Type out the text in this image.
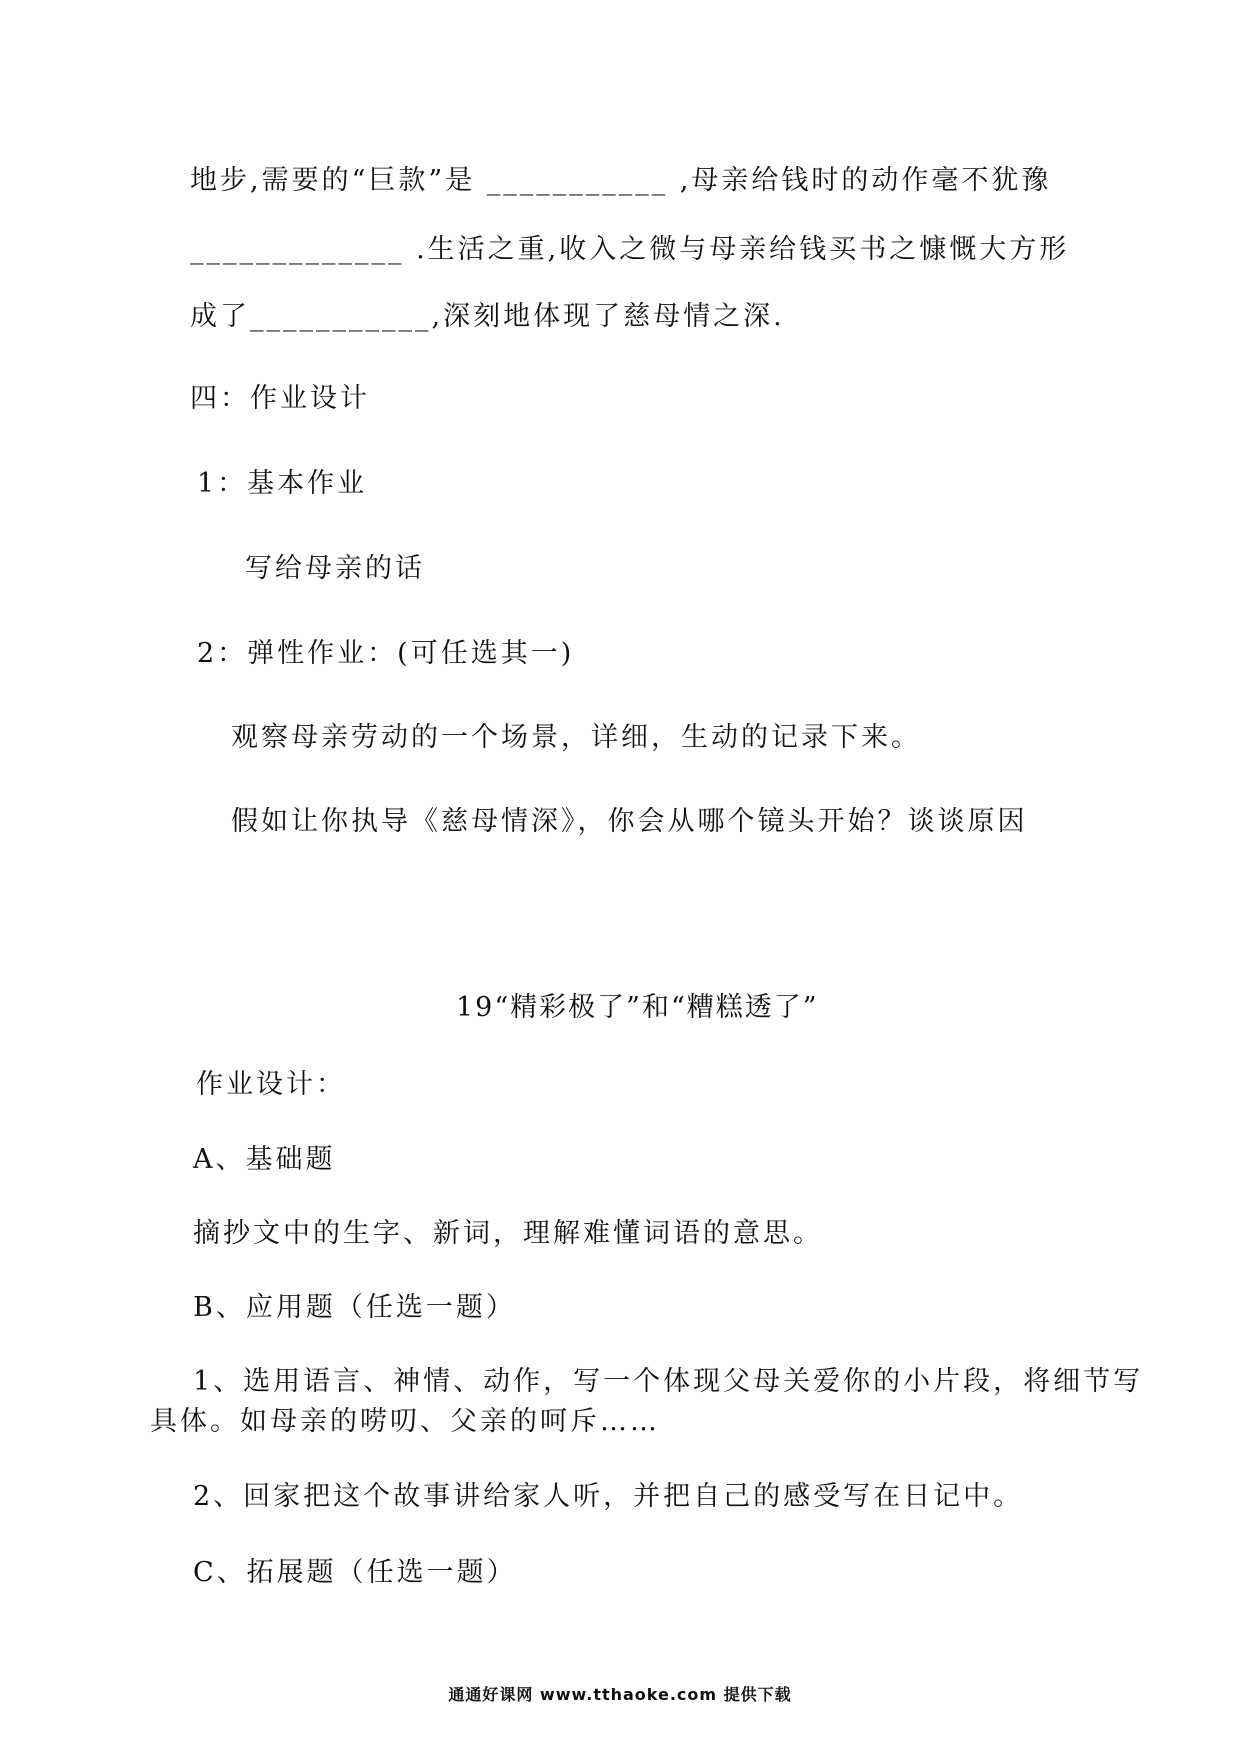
地步,需要的“巨款”是 ___________ ,母亲给钱时的动作毫不犹豫
_____________ .生活之重,收入之微与母亲给钱买书之慷慨大方形
成了___________,深刻地体现了慈母情之深.
四：作业设计
1：基本作业
写给母亲的话
2：弹性作业：(可任选其一)
观察母亲劳动的一个场景，详细，生动的记录下来。
假如让你执导《慈母情深》，你会从哪个镜头开始？谈谈原因
19“精彩极了”和“糟糕透了”
作业设计：
A、基础题
摘抄文中的生字、新词，理解难懂词语的意思。
B、应用题（任选一题）
1、选用语言、神情、动作，写一个体现父母关爱你的小片段，将细节写
具体。如母亲的唠叨、父亲的呵斥……
2、回家把这个故事讲给家人听，并把自己的感受写在日记中。
C、拓展题（任选一题）
通通好课网 www.tthaoke.com 提供下载
